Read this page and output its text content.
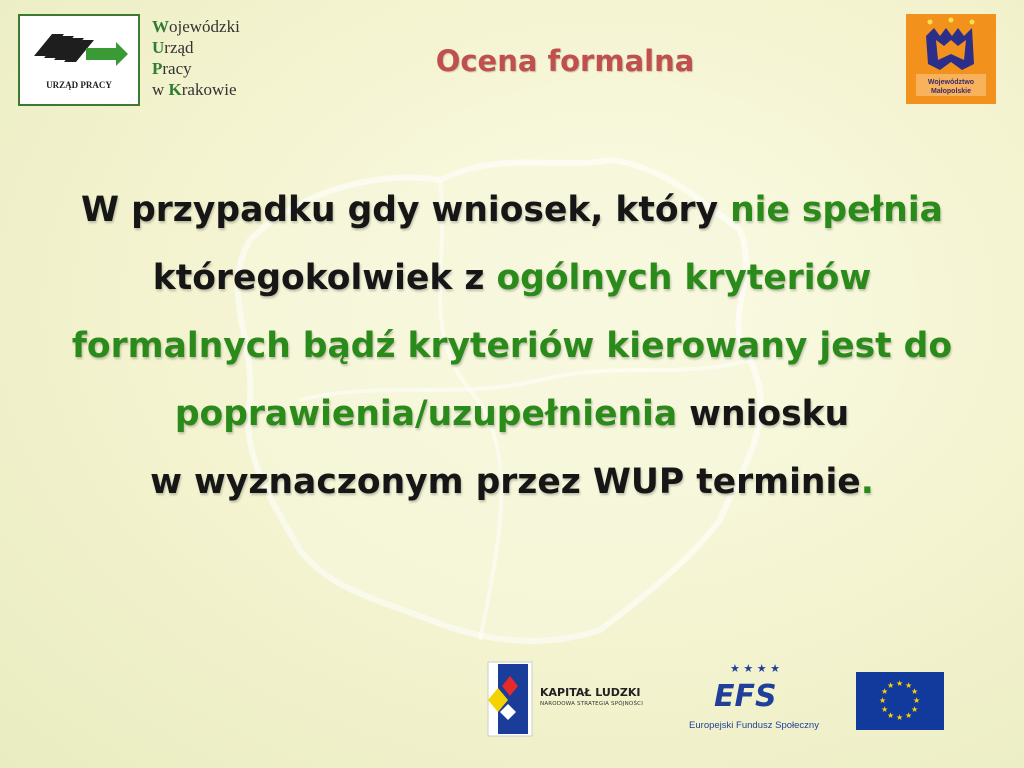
URZĄD PRACY
Wojewódzki
Urząd
Pracy
w Krakowie
Ocena formalna
Województwo
Małopolskie
W przypadku gdy wniosek, który nie spełnia któregokolwiek z ogólnych kryteriów formalnych bądź kryteriów kierowany jest do poprawienia/uzupełnienia wniosku
w wyznaczonym przez WUP terminie.
KAPITAŁ LUDZKI
NARODOWA STRATEGIA SPÓJNOŚCI
★ ★ ★ ★
EFS
Europejski Fundusz Społeczny
★ ★
★
★
★
★
★
★
★
★
★
★
